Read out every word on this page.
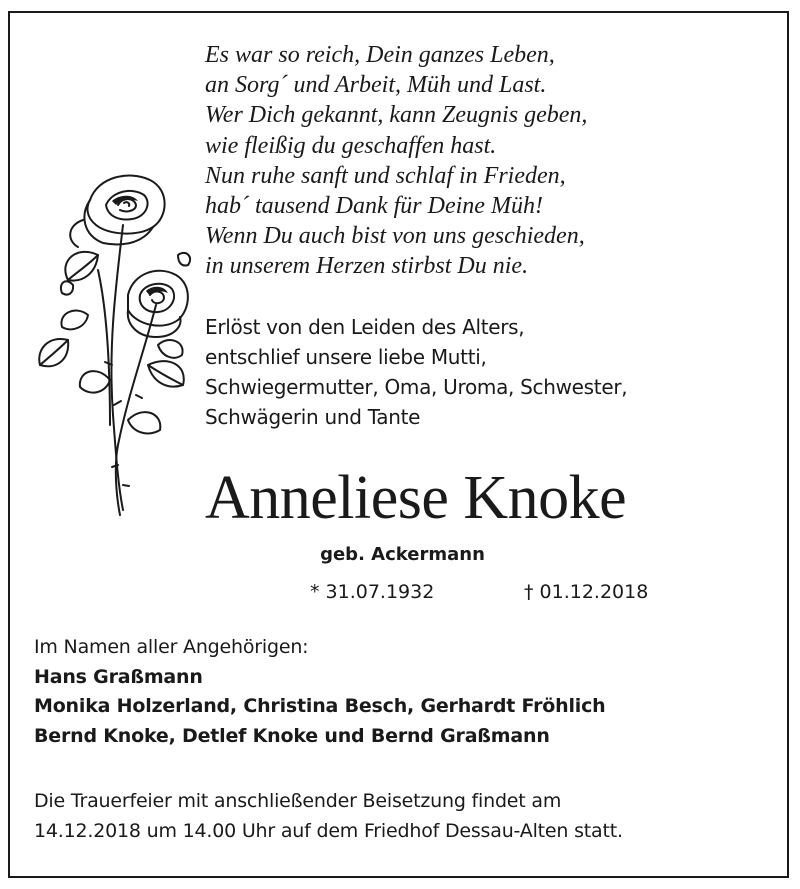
Es war so reich, Dein ganzes Leben,
an Sorg´ und Arbeit, Müh und Last.
Wer Dich gekannt, kann Zeugnis geben,
wie fleißig du geschaffen hast.
Nun ruhe sanft und schlaf in Frieden,
hab´ tausend Dank für Deine Müh!
Wenn Du auch bist von uns geschieden,
in unserem Herzen stirbst Du nie.
Erlöst von den Leiden des Alters,
entschlief unsere liebe Mutti,
Schwiegermutter, Oma, Uroma, Schwester,
Schwägerin und Tante
Anneliese Knoke
geb. Ackermann
* 31.07.1932	† 01.12.2018
Im Namen aller Angehörigen:
Hans Graßmann
Monika Holzerland, Christina Besch, Gerhardt Fröhlich
Bernd Knoke, Detlef Knoke und Bernd Graßmann
Die Trauerfeier mit anschließender Beisetzung findet am
14.12.2018 um 14.00 Uhr auf dem Friedhof Dessau-Alten statt.
